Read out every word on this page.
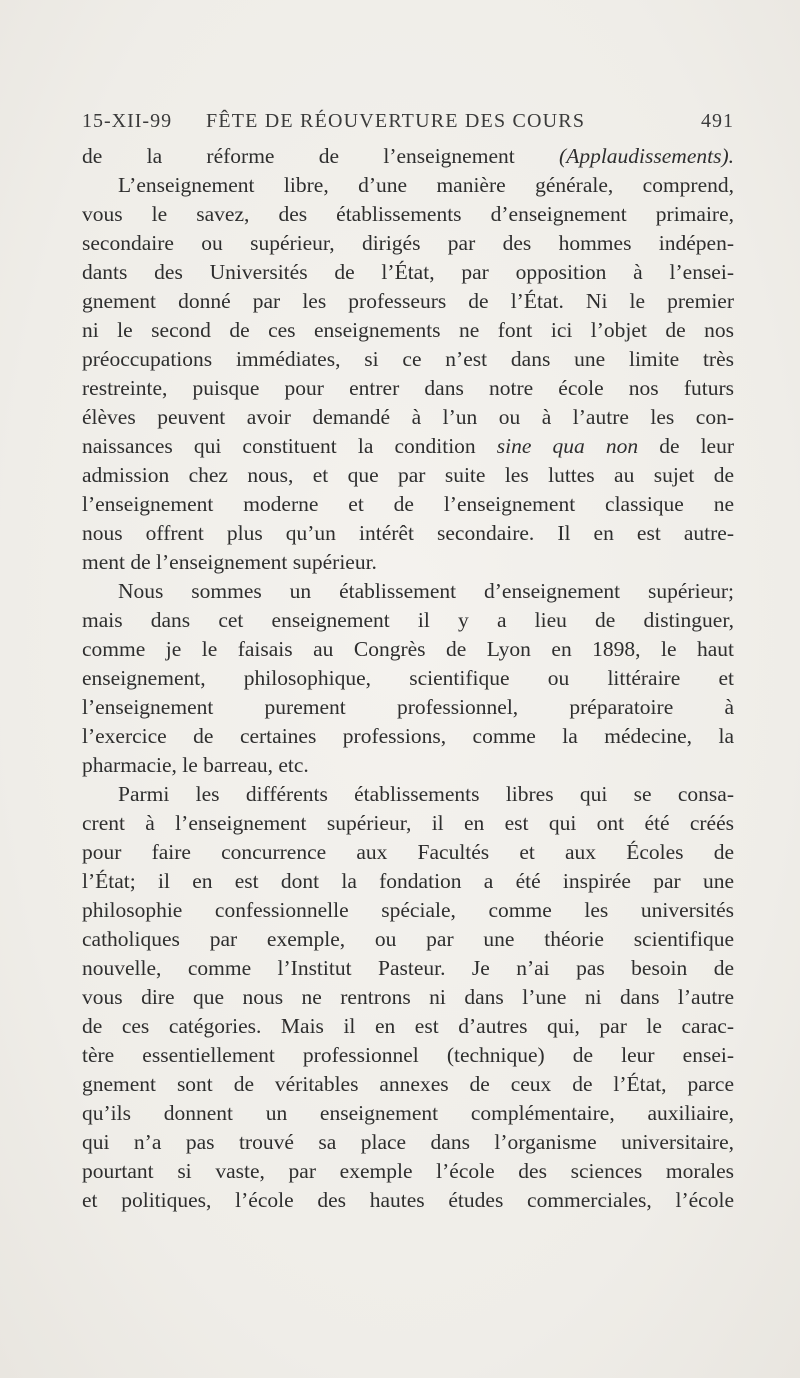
15-XII-99 FÊTE DE RÉOUVERTURE DES COURS	491
de la réforme de l’enseignement (Applaudissements).
L’enseignement libre, d’une manière générale, comprend,
vous le savez, des établissements d’enseignement primaire,
secondaire ou supérieur, dirigés par des hommes indépen-
dants des Universités de l’État, par opposition à l’ensei-
gnement donné par les professeurs de l’État. Ni le premier
ni le second de ces enseignements ne font ici l’objet de nos
préoccupations immédiates, si ce n’est dans une limite très
restreinte, puisque pour entrer dans notre école nos futurs
élèves peuvent avoir demandé à l’un ou à l’autre les con-
naissances qui constituent la condition sine qua non de leur
admission chez nous, et que par suite les luttes au sujet de
l’enseignement moderne et de l’enseignement classique ne
nous offrent plus qu’un intérêt secondaire. Il en est autre-
ment de l’enseignement supérieur.
Nous sommes un établissement d’enseignement supérieur;
mais dans cet enseignement il y a lieu de distinguer,
comme je le faisais au Congrès de Lyon en 1898, le haut
enseignement, philosophique, scientifique ou littéraire et
l’enseignement purement professionnel, préparatoire à
l’exercice de certaines professions, comme la médecine, la
pharmacie, le barreau, etc.
Parmi les différents établissements libres qui se consa-
crent à l’enseignement supérieur, il en est qui ont été créés
pour faire concurrence aux Facultés et aux Écoles de
l’État; il en est dont la fondation a été inspirée par une
philosophie confessionnelle spéciale, comme les universités
catholiques par exemple, ou par une théorie scientifique
nouvelle, comme l’Institut Pasteur. Je n’ai pas besoin de
vous dire que nous ne rentrons ni dans l’une ni dans l’autre
de ces catégories. Mais il en est d’autres qui, par le carac-
tère essentiellement professionnel (technique) de leur ensei-
gnement sont de véritables annexes de ceux de l’État, parce
qu’ils donnent un enseignement complémentaire, auxiliaire,
qui n’a pas trouvé sa place dans l’organisme universitaire,
pourtant si vaste, par exemple l’école des sciences morales
et politiques, l’école des hautes études commerciales, l’école
